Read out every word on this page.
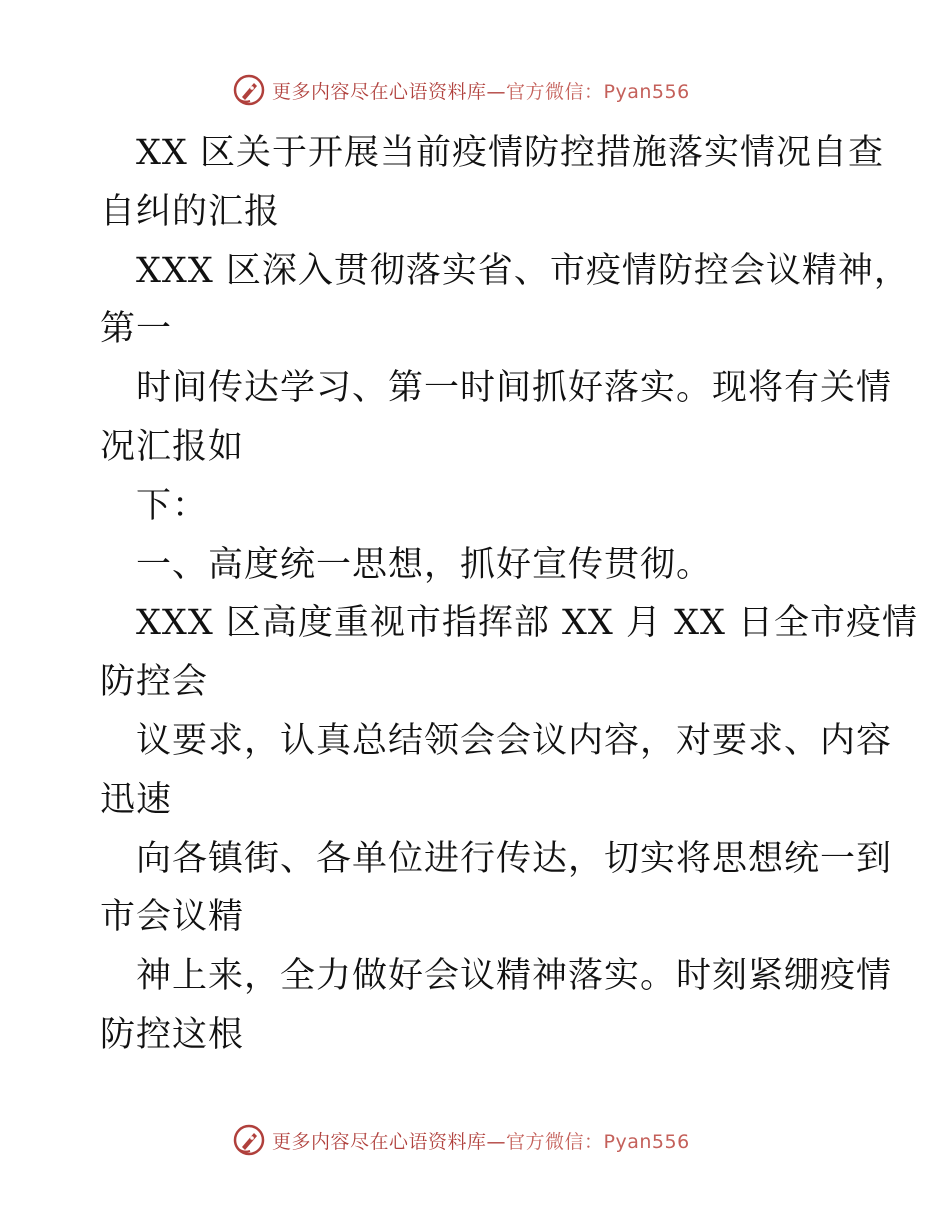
更多内容尽在心语资料库—官方微信：Pyan556
XX 区关于开展当前疫情防控措施落实情况自查
自纠的汇报
XXX 区深入贯彻落实省、市疫情防控会议精神，
第一
时间传达学习、第一时间抓好落实。现将有关情
况汇报如
下：
一、高度统一思想，抓好宣传贯彻。
XXX 区高度重视市指挥部 XX 月 XX 日全市疫情
防控会
议要求，认真总结领会会议内容，对要求、内容
迅速
向各镇街、各单位进行传达，切实将思想统一到
市会议精
神上来，全力做好会议精神落实。时刻紧绷疫情
防控这根
更多内容尽在心语资料库—官方微信：Pyan556
